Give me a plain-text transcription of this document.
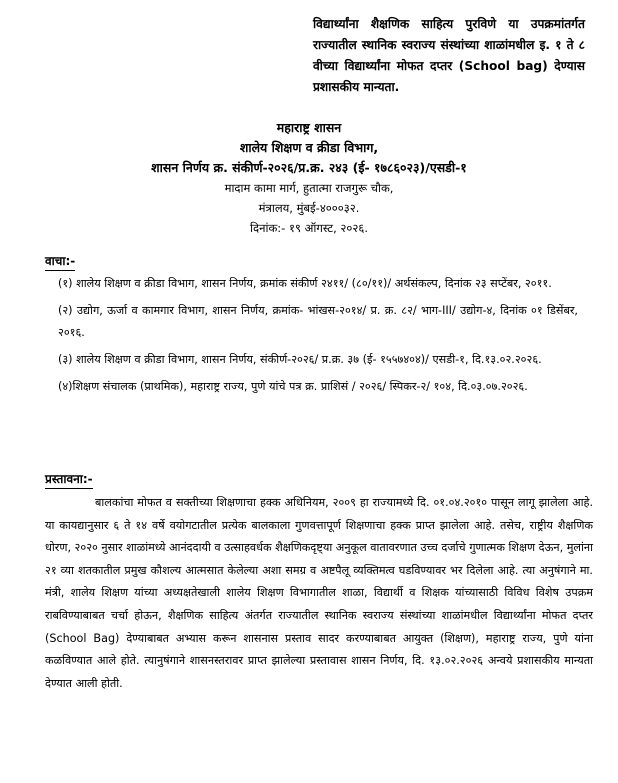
विद्यार्थ्यांना शैक्षणिक साहित्य पुरविणे या उपक्रमांतर्गत राज्यातील स्थानिक स्वराज्य संस्थांच्या शाळांमधील इ. १ ते ८ वीच्या विद्यार्थ्यांना मोफत दप्तर (School bag) देण्यास प्रशासकीय मान्यता.
महाराष्ट्र शासन
शालेय शिक्षण व क्रीडा विभाग,
शासन निर्णय क्र. संकीर्ण-२०२६/प्र.क्र. २४३ (ई- १७८६०२३)/एसडी-१
मादाम कामा मार्ग, हुतात्मा राजगुरू चौक,
मंत्रालय, मुंबई-४०००३२.
दिनांक:- १९ ऑगस्ट, २०२६.
वाचा:-
(१) शालेय शिक्षण व क्रीडा विभाग, शासन निर्णय, क्रमांक संकीर्ण २४११/ (८०/११)/ अर्थसंकल्प, दिनांक २३ सप्टेंबर, २०११.
(२) उद्योग, ऊर्जा व कामगार विभाग, शासन निर्णय, क्रमांक- भांखस-२०१४/ प्र. क्र. ८२/ भाग-III/ उद्योग-४, दिनांक ०१ डिसेंबर, २०१६.
(३) शालेय शिक्षण व क्रीडा विभाग, शासन निर्णय, संकीर्ण-२०२६/ प्र.क्र. ३७ (ई- १५५७४०४)/ एसडी-१, दि.१३.०२.२०२६.
(४)शिक्षण संचालक (प्राथमिक), महाराष्ट्र राज्य, पुणे यांचे पत्र क्र. प्राशिसं / २०२६/ स्पिकर-२/ १०४, दि.०३.०७.२०२६.
प्रस्तावना:-
बालकांचा मोफत व सक्तीच्या शिक्षणाचा हक्क अधिनियम, २००९ हा राज्यामध्ये दि. ०१.०४.२०१० पासून लागू झालेला आहे. या कायद्यानुसार ६ ते १४ वर्षे वयोगटातील प्रत्येक बालकाला गुणवत्तापूर्ण शिक्षणाचा हक्क प्राप्त झालेला आहे. तसेच, राष्ट्रीय शैक्षणिक धोरण, २०२० नुसार शाळांमध्ये आनंददायी व उत्साहवर्धक शैक्षणिकदृष्ट्या अनुकूल वातावरणात उच्च दर्जाचे गुणात्मक शिक्षण देऊन, मुलांना २१ व्या शतकातील प्रमुख कौशल्य आत्मसात केलेल्या अशा समग्र व अष्टपैलू व्यक्तिमत्व घडविण्यावर भर दिलेला आहे. त्या अनुषंगाने मा. मंत्री, शालेय शिक्षण यांच्या अध्यक्षतेखाली शालेय शिक्षण विभागातील शाळा, विद्यार्थी व शिक्षक यांच्यासाठी विविध विशेष उपक्रम राबविण्याबाबत चर्चा होऊन, शैक्षणिक साहित्य अंतर्गत राज्यातील स्थानिक स्वराज्य संस्थांच्या शाळांमधील विद्यार्थ्यांना मोफत दप्तर (School Bag) देण्याबाबत अभ्यास करून शासनास प्रस्ताव सादर करण्याबाबत आयुक्त (शिक्षण), महाराष्ट्र राज्य, पुणे यांना कळविण्यात आले होते. त्यानुषंगाने शासनस्तरावर प्राप्त झालेल्या प्रस्तावास शासन निर्णय, दि. १३.०२.२०२६ अन्वये प्रशासकीय मान्यता देण्यात आली होती.
